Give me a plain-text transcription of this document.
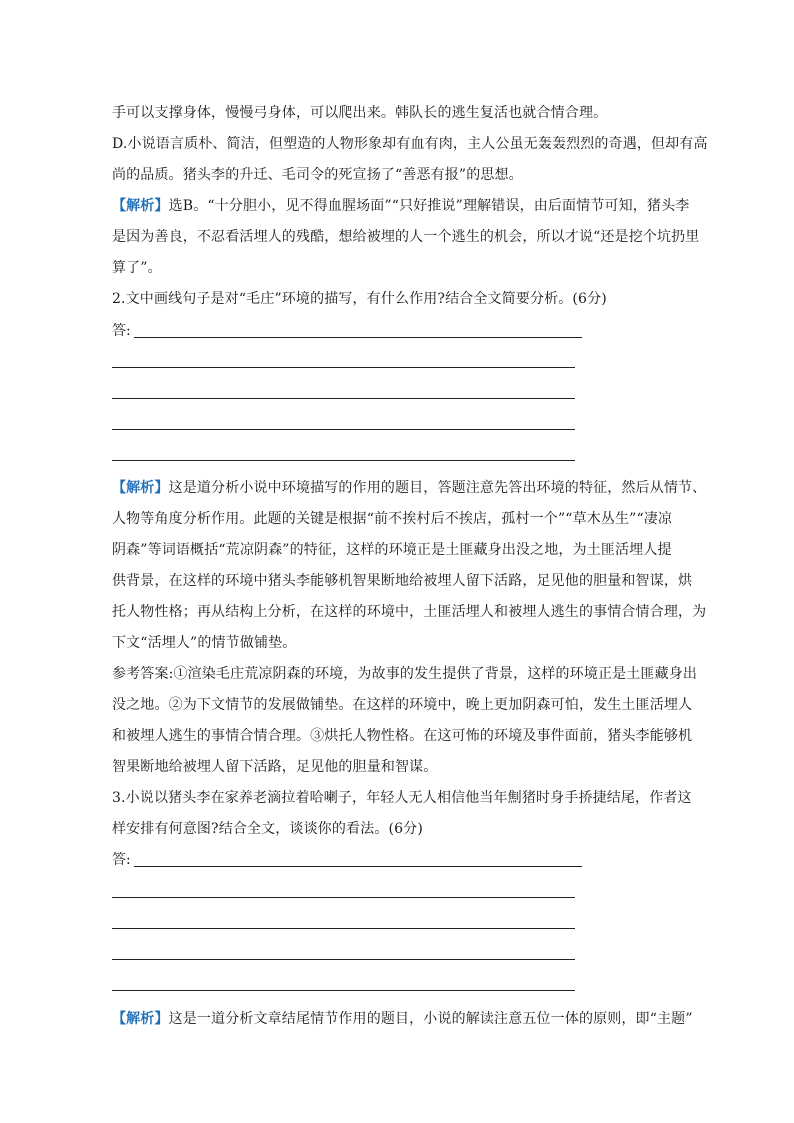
手可以支撑身体，慢慢弓身体，可以爬出来。韩队长的逃生复活也就合情合理。
D.小说语言质朴、简洁，但塑造的人物形象却有血有肉，主人公虽无轰轰烈烈的奇遇，但却有高
尚的品质。猪头李的升迁、毛司令的死宣扬了“善恶有报”的思想。
【解析】选B。“十分胆小，见不得血腥场面”“只好推说”理解错误，由后面情节可知，猪头李
是因为善良，不忍看活埋人的残酷，想给被埋的人一个逃生的机会，所以才说“还是挖个坑扔里
算了”。
2.文中画线句子是对“毛庄”环境的描写，有什么作用?结合全文简要分析。(6分)
答:
【解析】这是道分析小说中环境描写的作用的题目，答题注意先答出环境的特征，然后从情节、
人物等角度分析作用。此题的关键是根据“前不挨村后不挨店，孤村一个”“草木丛生”“凄凉
阴森”等词语概括“荒凉阴森”的特征，这样的环境正是土匪藏身出没之地，为土匪活埋人提
供背景，在这样的环境中猪头李能够机智果断地给被埋人留下活路，足见他的胆量和智谋，烘
托人物性格；再从结构上分析，在这样的环境中，土匪活埋人和被埋人逃生的事情合情合理，为
下文“活埋人”的情节做铺垫。
参考答案:①渲染毛庄荒凉阴森的环境，为故事的发生提供了背景，这样的环境正是土匪藏身出
没之地。②为下文情节的发展做铺垫。在这样的环境中，晚上更加阴森可怕，发生土匪活埋人
和被埋人逃生的事情合情合理。③烘托人物性格。在这可怖的环境及事件面前，猪头李能够机
智果断地给被埋人留下活路，足见他的胆量和智谋。
3.小说以猪头李在家养老滴拉着哈喇子，年轻人无人相信他当年劁猪时身手挢捷结尾，作者这
样安排有何意图?结合全文，谈谈你的看法。(6分)
答:
【解析】这是一道分析文章结尾情节作用的题目，小说的解读注意五位一体的原则，即“主题”
